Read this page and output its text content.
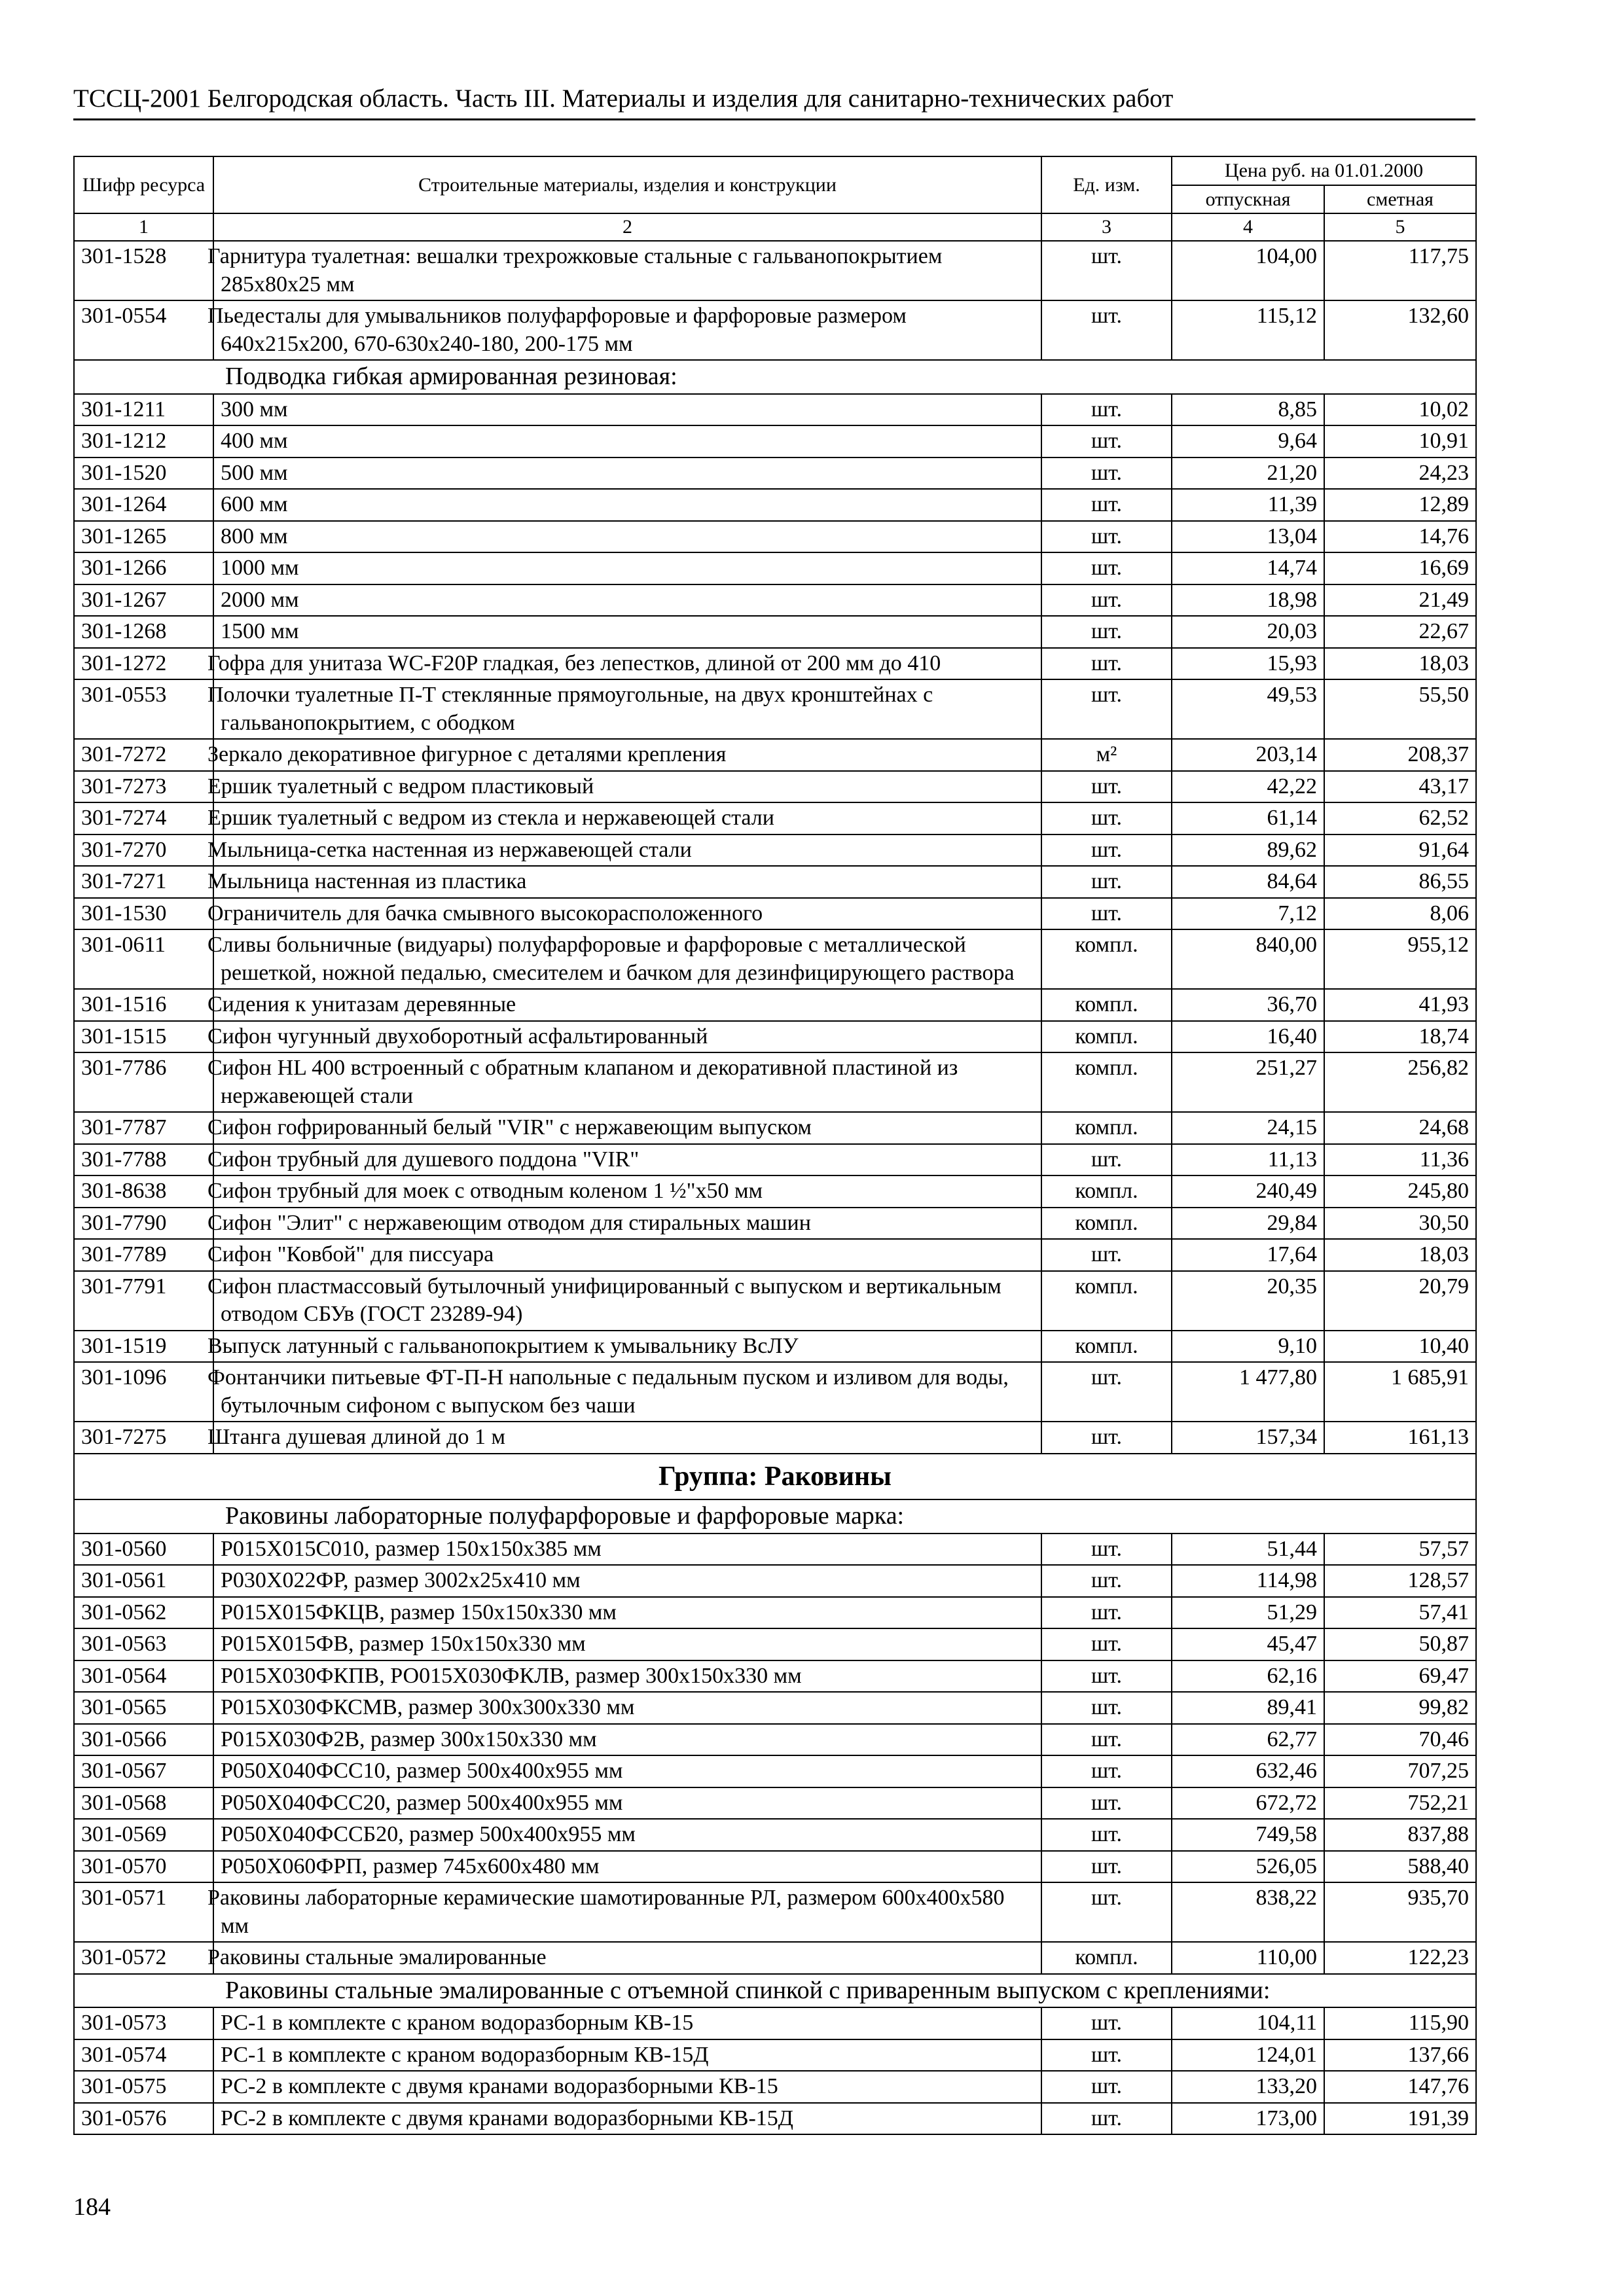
ТССЦ-2001 Белгородская область. Часть III. Материалы и изделия для санитарно-технических работ
Шифр ресурса	Строительные материалы, изделия и конструкции	Ед. изм.	Цена руб. на 01.01.2000	
			отпускная	сметная
1	2	3	4	5
301-1528	Гарнитура туалетная: вешалки трехрожковые стальные с гальванопокрытием 285x80x25 мм	шт.	104,00	117,75
301-0554	Пьедесталы для умывальников полуфарфоровые и фарфоровые размером 640x215x200, 670-630x240-180, 200-175 мм	шт.	115,12	132,60
Подводка гибкая армированная резиновая:				
301-1211	300 мм	шт.	8,85	10,02
301-1212	400 мм	шт.	9,64	10,91
301-1520	500 мм	шт.	21,20	24,23
301-1264	600 мм	шт.	11,39	12,89
301-1265	800 мм	шт.	13,04	14,76
301-1266	1000 мм	шт.	14,74	16,69
301-1267	2000 мм	шт.	18,98	21,49
301-1268	1500 мм	шт.	20,03	22,67
301-1272	Гофра для унитаза WC-F20P гладкая, без лепестков, длиной от 200 мм до 410	шт.	15,93	18,03
301-0553	Полочки туалетные П-Т стеклянные прямоугольные, на двух кронштейнах с гальванопокрытием, с ободком	шт.	49,53	55,50
301-7272	Зеркало декоративное фигурное с деталями крепления	м²	203,14	208,37
301-7273	Ершик туалетный с ведром пластиковый	шт.	42,22	43,17
301-7274	Ершик туалетный с ведром из стекла и нержавеющей стали	шт.	61,14	62,52
301-7270	Мыльница-сетка настенная из нержавеющей стали	шт.	89,62	91,64
301-7271	Мыльница настенная из пластика	шт.	84,64	86,55
301-1530	Ограничитель для бачка смывного высокорасположенного	шт.	7,12	8,06
301-0611	Сливы больничные (видуары) полуфарфоровые и фарфоровые с металлической решеткой, ножной педалью, смесителем и бачком для дезинфицирующего раствора	компл.	840,00	955,12
301-1516	Сидения к унитазам деревянные	компл.	36,70	41,93
301-1515	Сифон чугунный двухоборотный асфальтированный	компл.	16,40	18,74
301-7786	Сифон HL 400 встроенный с обратным клапаном и декоративной пластиной из нержавеющей стали	компл.	251,27	256,82
301-7787	Сифон гофрированный белый "VIR" с нержавеющим выпуском	компл.	24,15	24,68
301-7788	Сифон трубный для душевого поддона "VIR"	шт.	11,13	11,36
301-8638	Сифон трубный для моек с отводным коленом 1 ½"x50 мм	компл.	240,49	245,80
301-7790	Сифон "Элит" с нержавеющим отводом для стиральных машин	компл.	29,84	30,50
301-7789	Сифон "Ковбой" для писсуара	шт.	17,64	18,03
301-7791	Сифон пластмассовый бутылочный унифицированный с выпуском и вертикальным отводом СБУв (ГОСТ 23289-94)	компл.	20,35	20,79
301-1519	Выпуск латунный с гальванопокрытием к умывальнику ВсЛУ	компл.	9,10	10,40
301-1096	Фонтанчики питьевые ФТ-П-Н напольные с педальным пуском и изливом для воды, бутылочным сифоном с выпуском без чаши	шт.	1 477,80	1 685,91
301-7275	Штанга душевая длиной до 1 м	шт.	157,34	161,13
Группа: Раковины				
Раковины лабораторные полуфарфоровые и фарфоровые марка:				
301-0560	Р015Х015С010, размер 150x150x385 мм	шт.	51,44	57,57
301-0561	Р030Х022ФР, размер 3002x25x410 мм	шт.	114,98	128,57
301-0562	Р015Х015ФКЦВ, размер 150x150x330 мм	шт.	51,29	57,41
301-0563	Р015Х015ФВ, размер 150x150x330 мм	шт.	45,47	50,87
301-0564	Р015Х030ФКПВ, РО015Х030ФКЛВ, размер 300x150x330 мм	шт.	62,16	69,47
301-0565	Р015Х030ФКСМВ, размер 300x300x330 мм	шт.	89,41	99,82
301-0566	Р015Х030Ф2В, размер 300x150x330 мм	шт.	62,77	70,46
301-0567	Р050Х040ФСС10, размер 500x400x955 мм	шт.	632,46	707,25
301-0568	Р050Х040ФСС20, размер 500x400x955 мм	шт.	672,72	752,21
301-0569	Р050Х040ФССБ20, размер 500x400x955 мм	шт.	749,58	837,88
301-0570	Р050Х060ФРП, размер 745x600x480 мм	шт.	526,05	588,40
301-0571	Раковины лабораторные керамические шамотированные РЛ, размером 600x400x580 мм	шт.	838,22	935,70
301-0572	Раковины стальные эмалированные	компл.	110,00	122,23
Раковины стальные эмалированные с отъемной спинкой с приваренным выпуском с креплениями:				
301-0573	РС-1 в комплекте с краном водоразборным КВ-15	шт.	104,11	115,90
301-0574	РС-1 в комплекте с краном водоразборным КВ-15Д	шт.	124,01	137,66
301-0575	РС-2 в комплекте с двумя кранами водоразборными КВ-15	шт.	133,20	147,76
301-0576	РС-2 в комплекте с двумя кранами водоразборными КВ-15Д	шт.	173,00	191,39
184
